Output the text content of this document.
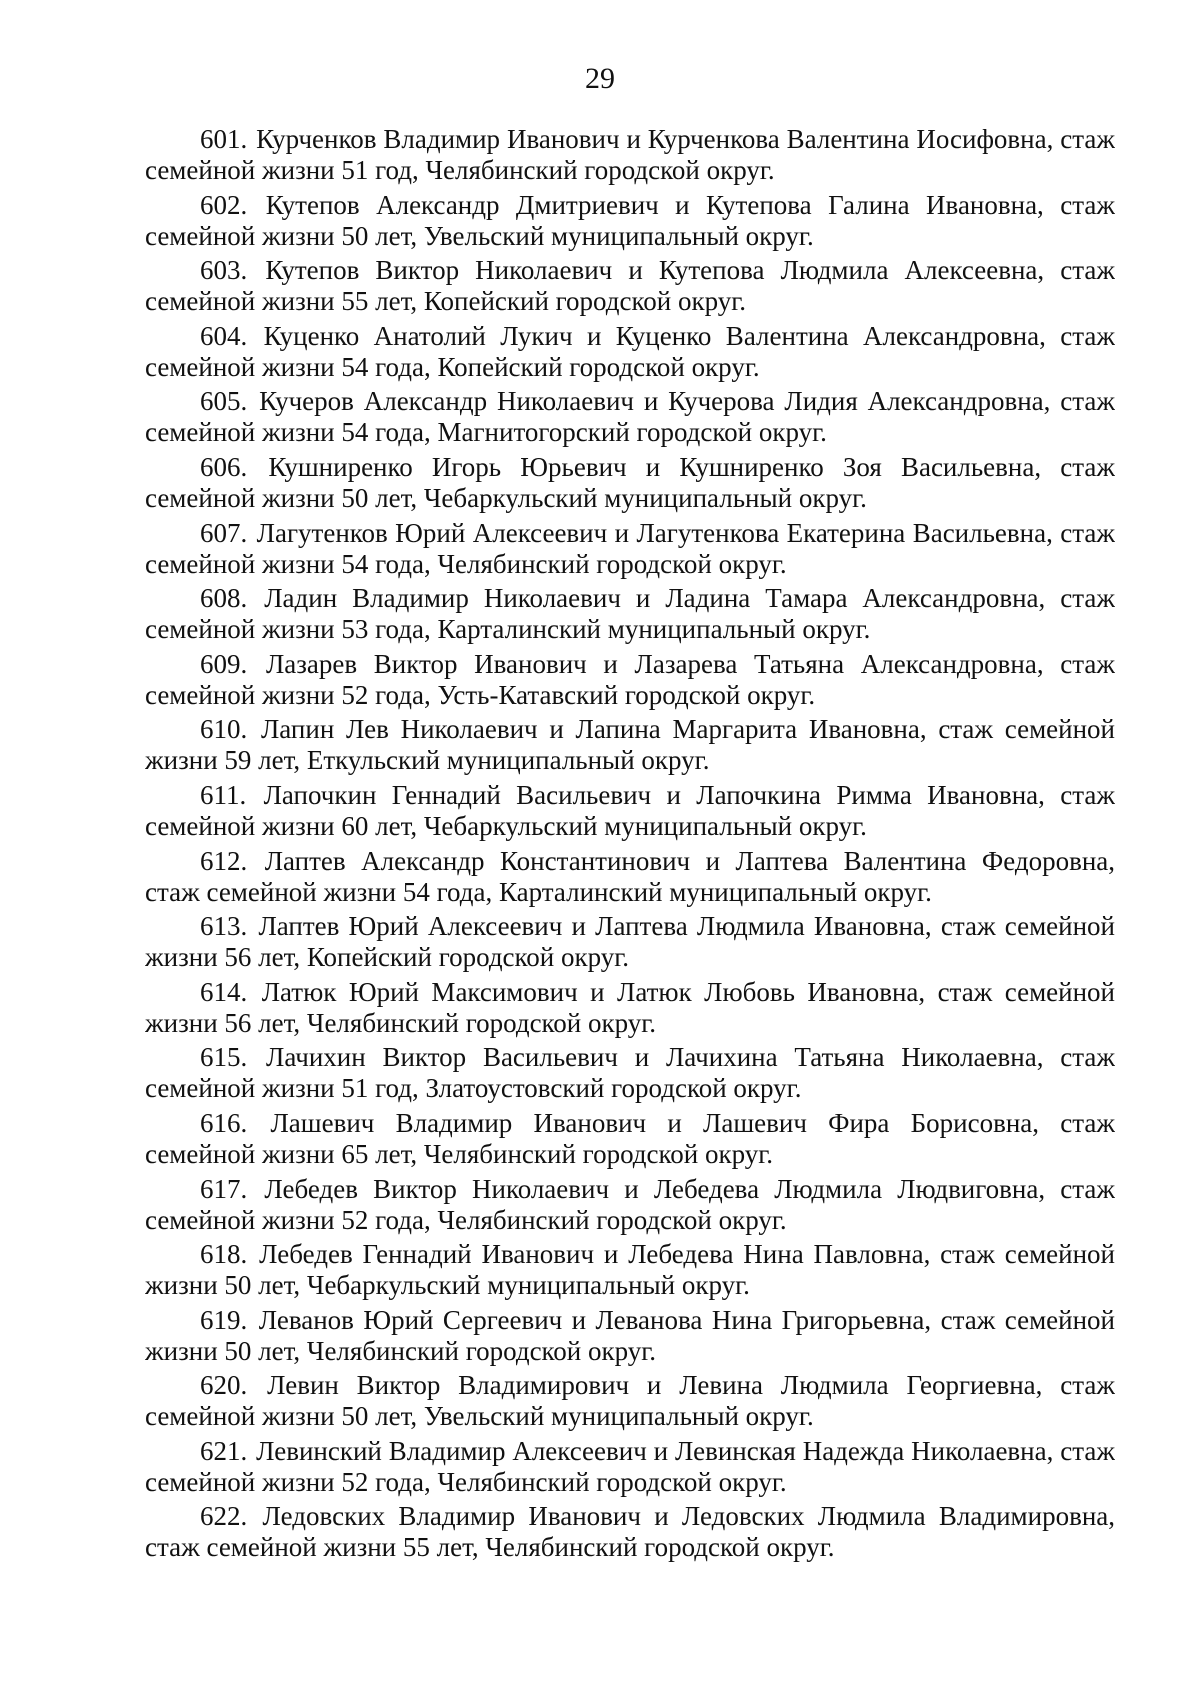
29
601. Курченков Владимир Иванович и Курченкова Валентина Иосифовна, стаж семейной жизни 51 год, Челябинский городской округ.
602. Кутепов Александр Дмитриевич и Кутепова Галина Ивановна, стаж семейной жизни 50 лет, Увельский муниципальный округ.
603. Кутепов Виктор Николаевич и Кутепова Людмила Алексеевна, стаж семейной жизни 55 лет, Копейский городской округ.
604. Куценко Анатолий Лукич и Куценко Валентина Александровна, стаж семейной жизни 54 года, Копейский городской округ.
605. Кучеров Александр Николаевич и Кучерова Лидия Александровна, стаж семейной жизни 54 года, Магнитогорский городской округ.
606. Кушниренко Игорь Юрьевич и Кушниренко Зоя Васильевна, стаж семейной жизни 50 лет, Чебаркульский муниципальный округ.
607. Лагутенков Юрий Алексеевич и Лагутенкова Екатерина Васильевна, стаж семейной жизни 54 года, Челябинский городской округ.
608. Ладин Владимир Николаевич и Ладина Тамара Александровна, стаж семейной жизни 53 года, Карталинский муниципальный округ.
609. Лазарев Виктор Иванович и Лазарева Татьяна Александровна, стаж семейной жизни 52 года, Усть-Катавский городской округ.
610. Лапин Лев Николаевич и Лапина Маргарита Ивановна, стаж семейной жизни 59 лет, Еткульский муниципальный округ.
611. Лапочкин Геннадий Васильевич и Лапочкина Римма Ивановна, стаж семейной жизни 60 лет, Чебаркульский муниципальный округ.
612. Лаптев Александр Константинович и Лаптева Валентина Федоровна, стаж семейной жизни 54 года, Карталинский муниципальный округ.
613. Лаптев Юрий Алексеевич и Лаптева Людмила Ивановна, стаж семейной жизни 56 лет, Копейский городской округ.
614. Латюк Юрий Максимович и Латюк Любовь Ивановна, стаж семейной жизни 56 лет, Челябинский городской округ.
615. Лачихин Виктор Васильевич и Лачихина Татьяна Николаевна, стаж семейной жизни 51 год, Златоустовский городской округ.
616. Лашевич Владимир Иванович и Лашевич Фира Борисовна, стаж семейной жизни 65 лет, Челябинский городской округ.
617. Лебедев Виктор Николаевич и Лебедева Людмила Людвиговна, стаж семейной жизни 52 года, Челябинский городской округ.
618. Лебедев Геннадий Иванович и Лебедева Нина Павловна, стаж семейной жизни 50 лет, Чебаркульский муниципальный округ.
619. Леванов Юрий Сергеевич и Леванова Нина Григорьевна, стаж семейной жизни 50 лет, Челябинский городской округ.
620. Левин Виктор Владимирович и Левина Людмила Георгиевна, стаж семейной жизни 50 лет, Увельский муниципальный округ.
621. Левинский Владимир Алексеевич и Левинская Надежда Николаевна, стаж семейной жизни 52 года, Челябинский городской округ.
622. Ледовских Владимир Иванович и Ледовских Людмила Владимировна, стаж семейной жизни 55 лет, Челябинский городской округ.
